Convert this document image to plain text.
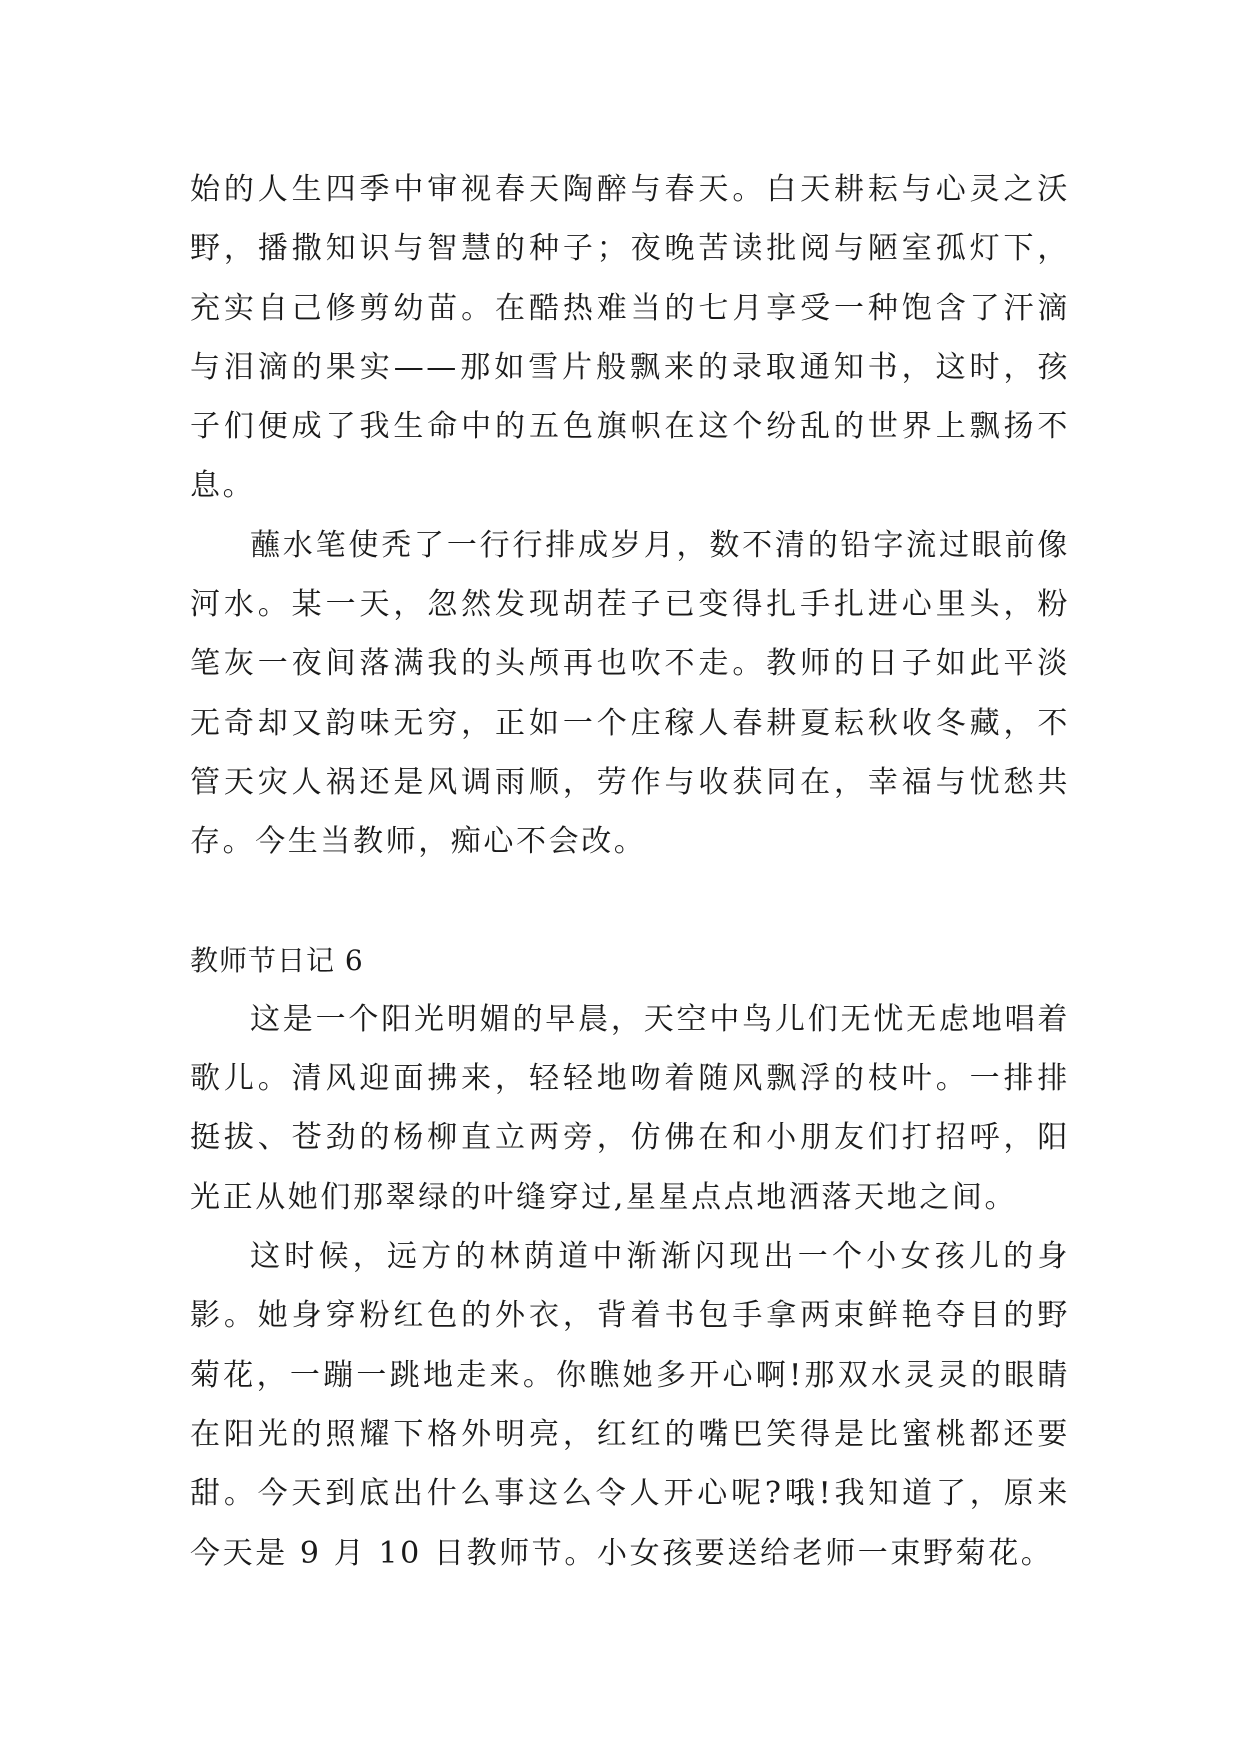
始的人生四季中审视春天陶醉与春天。白天耕耘与心灵之沃野，播撒知识与智慧的种子；夜晚苦读批阅与陋室孤灯下，充实自己修剪幼苗。在酷热难当的七月享受一种饱含了汗滴与泪滴的果实——那如雪片般飘来的录取通知书，这时，孩子们便成了我生命中的五色旗帜在这个纷乱的世界上飘扬不息。

蘸水笔使秃了一行行排成岁月，数不清的铅字流过眼前像河水。某一天，忽然发现胡茬子已变得扎手扎进心里头，粉笔灰一夜间落满我的头颅再也吹不走。教师的日子如此平淡无奇却又韵味无穷，正如一个庄稼人春耕夏耘秋收冬藏，不管天灾人祸还是风调雨顺，劳作与收获同在，幸福与忧愁共存。今生当教师，痴心不会改。

教师节日记 6

这是一个阳光明媚的早晨，天空中鸟儿们无忧无虑地唱着歌儿。清风迎面拂来，轻轻地吻着随风飘浮的枝叶。一排排挺拔、苍劲的杨柳直立两旁，仿佛在和小朋友们打招呼，阳光正从她们那翠绿的叶缝穿过,星星点点地洒落天地之间。

这时候，远方的林荫道中渐渐闪现出一个小女孩儿的身影。她身穿粉红色的外衣，背着书包手拿两束鲜艳夺目的野菊花，一蹦一跳地走来。你瞧她多开心啊!那双水灵灵的眼睛在阳光的照耀下格外明亮，红红的嘴巴笑得是比蜜桃都还要甜。今天到底出什么事这么令人开心呢?哦!我知道了，原来今天是 9 月 10 日教师节。小女孩要送给老师一束野菊花。
